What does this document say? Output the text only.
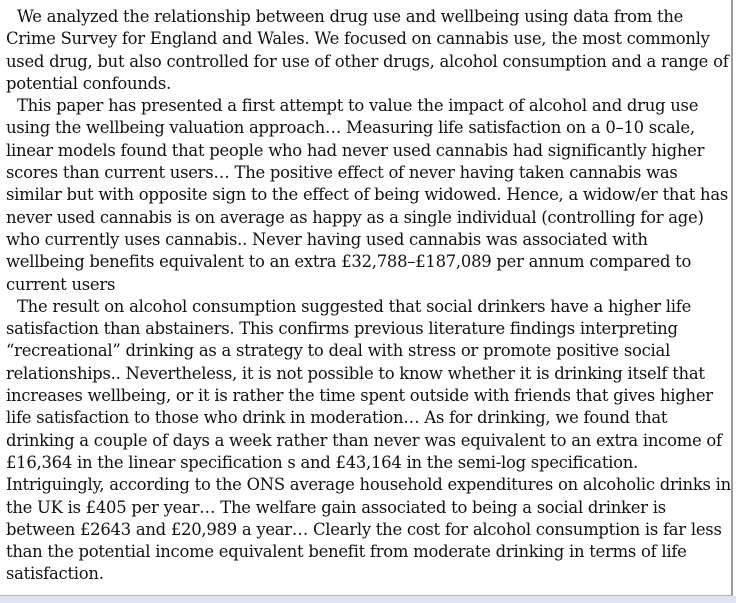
We analyzed the relationship between drug use and wellbeing using data from the Crime Survey for England and Wales. We focused on cannabis use, the most commonly used drug, but also controlled for use of other drugs, alcohol consumption and a range of potential confounds.

This paper has presented a first attempt to value the impact of alcohol and drug use using the wellbeing valuation approach… Measuring life satisfaction on a 0–10 scale, linear models found that people who had never used cannabis had significantly higher scores than current users… The positive effect of never having taken cannabis was similar but with opposite sign to the effect of being widowed. Hence, a widow/er that has never used cannabis is on average as happy as a single individual (controlling for age) who currently uses cannabis.. Never having used cannabis was associated with wellbeing benefits equivalent to an extra £32,788–£187,089 per annum compared to current users

The result on alcohol consumption suggested that social drinkers have a higher life satisfaction than abstainers. This confirms previous literature findings interpreting “recreational” drinking as a strategy to deal with stress or promote positive social relationships.. Nevertheless, it is not possible to know whether it is drinking itself that increases wellbeing, or it is rather the time spent outside with friends that gives higher life satisfaction to those who drink in moderation… As for drinking, we found that drinking a couple of days a week rather than never was equivalent to an extra income of £16,364 in the linear specification s and £43,164 in the semi-log specification. Intriguingly, according to the ONS average household expenditures on alcoholic drinks in the UK is £405 per year… The welfare gain associated to being a social drinker is between £2643 and £20,989 a year… Clearly the cost for alcohol consumption is far less than the potential income equivalent benefit from moderate drinking in terms of life satisfaction.
